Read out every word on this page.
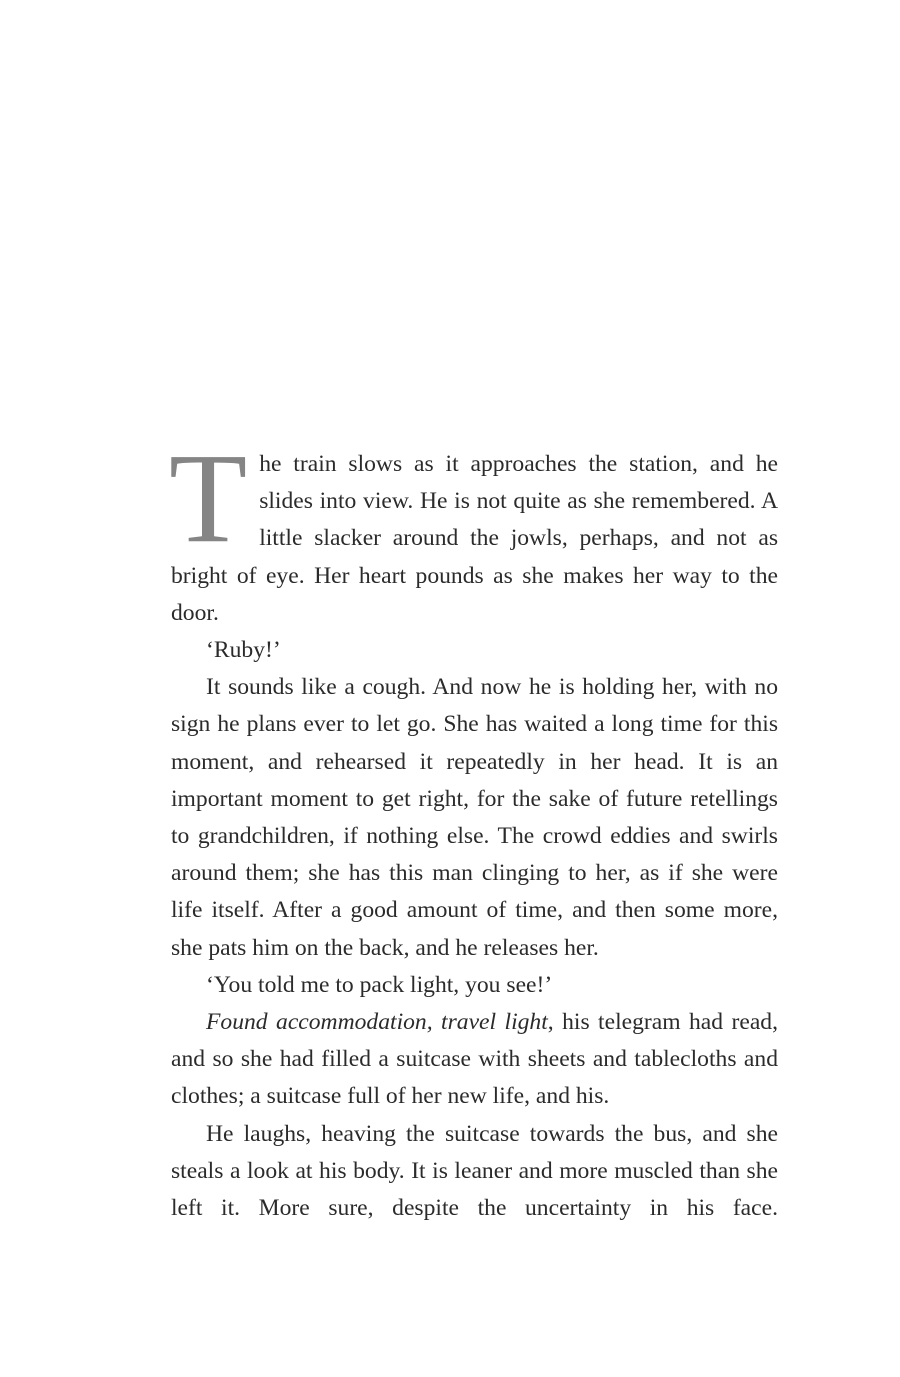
The train slows as it approaches the station, and he slides into view. He is not quite as she remembered. A little slacker around the jowls, perhaps, and not as bright of eye. Her heart pounds as she makes her way to the door.

‘Ruby!’

It sounds like a cough. And now he is holding her, with no sign he plans ever to let go. She has waited a long time for this moment, and rehearsed it repeatedly in her head. It is an important moment to get right, for the sake of future retellings to grandchildren, if nothing else. The crowd eddies and swirls around them; she has this man clinging to her, as if she were life itself. After a good amount of time, and then some more, she pats him on the back, and he releases her.

‘You told me to pack light, you see!’

Found accommodation, travel light, his telegram had read, and so she had filled a suitcase with sheets and tablecloths and clothes; a suitcase full of her new life, and his.

He laughs, heaving the suitcase towards the bus, and she steals a look at his body. It is leaner and more muscled than she left it. More sure, despite the uncertainty in his face.
